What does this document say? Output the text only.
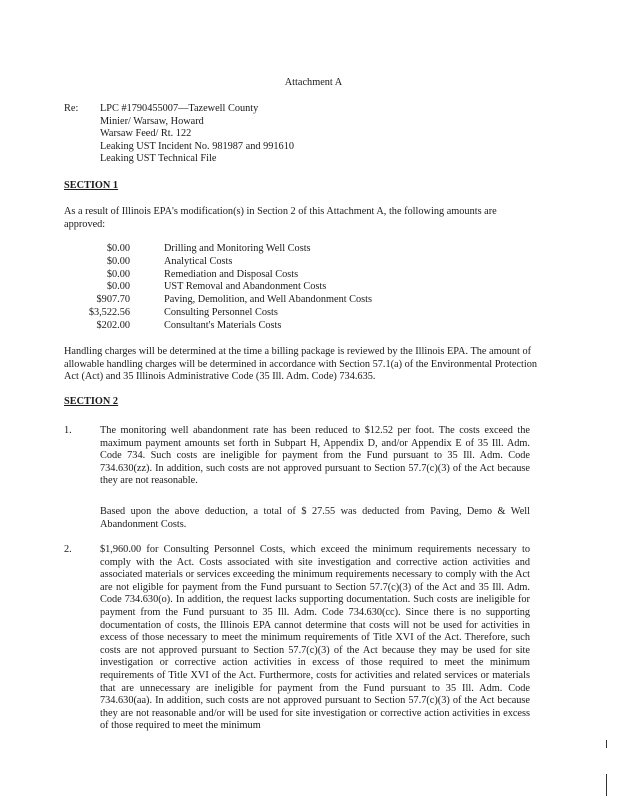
Attachment A
Re: LPC #1790455007—Tazewell County
Minier/ Warsaw, Howard
Warsaw Feed/ Rt. 122
Leaking UST Incident No. 981987 and 991610
Leaking UST Technical File
SECTION 1
As a result of Illinois EPA's modification(s) in Section 2 of this Attachment A, the following amounts are approved:
$0.00	Drilling and Monitoring Well Costs
$0.00	Analytical Costs
$0.00	Remediation and Disposal Costs
$0.00	UST Removal and Abandonment Costs
$907.70	Paving, Demolition, and Well Abandonment Costs
$3,522.56	Consulting Personnel Costs
$202.00	Consultant's Materials Costs
Handling charges will be determined at the time a billing package is reviewed by the Illinois EPA. The amount of allowable handling charges will be determined in accordance with Section 57.1(a) of the Environmental Protection Act (Act) and 35 Illinois Administrative Code (35 Ill. Adm. Code) 734.635.
SECTION 2
1.	The monitoring well abandonment rate has been reduced to $12.52 per foot. The costs exceed the maximum payment amounts set forth in Subpart H, Appendix D, and/or Appendix E of 35 Ill. Adm. Code 734. Such costs are ineligible for payment from the Fund pursuant to 35 Ill. Adm. Code 734.630(zz). In addition, such costs are not approved pursuant to Section 57.7(c)(3) of the Act because they are not reasonable.
Based upon the above deduction, a total of $ 27.55 was deducted from Paving, Demo & Well Abandonment Costs.
2.	$1,960.00 for Consulting Personnel Costs, which exceed the minimum requirements necessary to comply with the Act. Costs associated with site investigation and corrective action activities and associated materials or services exceeding the minimum requirements necessary to comply with the Act are not eligible for payment from the Fund pursuant to Section 57.7(c)(3) of the Act and 35 Ill. Adm. Code 734.630(o). In addition, the request lacks supporting documentation. Such costs are ineligible for payment from the Fund pursuant to 35 Ill. Adm. Code 734.630(cc). Since there is no supporting documentation of costs, the Illinois EPA cannot determine that costs will not be used for activities in excess of those necessary to meet the minimum requirements of Title XVI of the Act. Therefore, such costs are not approved pursuant to Section 57.7(c)(3) of the Act because they may be used for site investigation or corrective action activities in excess of those required to meet the minimum requirements of Title XVI of the Act. Furthermore, costs for activities and related services or materials that are unnecessary are ineligible for payment from the Fund pursuant to 35 Ill. Adm. Code 734.630(aa). In addition, such costs are not approved pursuant to Section 57.7(c)(3) of the Act because they are not reasonable and/or will be used for site investigation or corrective action activities in excess of those required to meet the minimum
